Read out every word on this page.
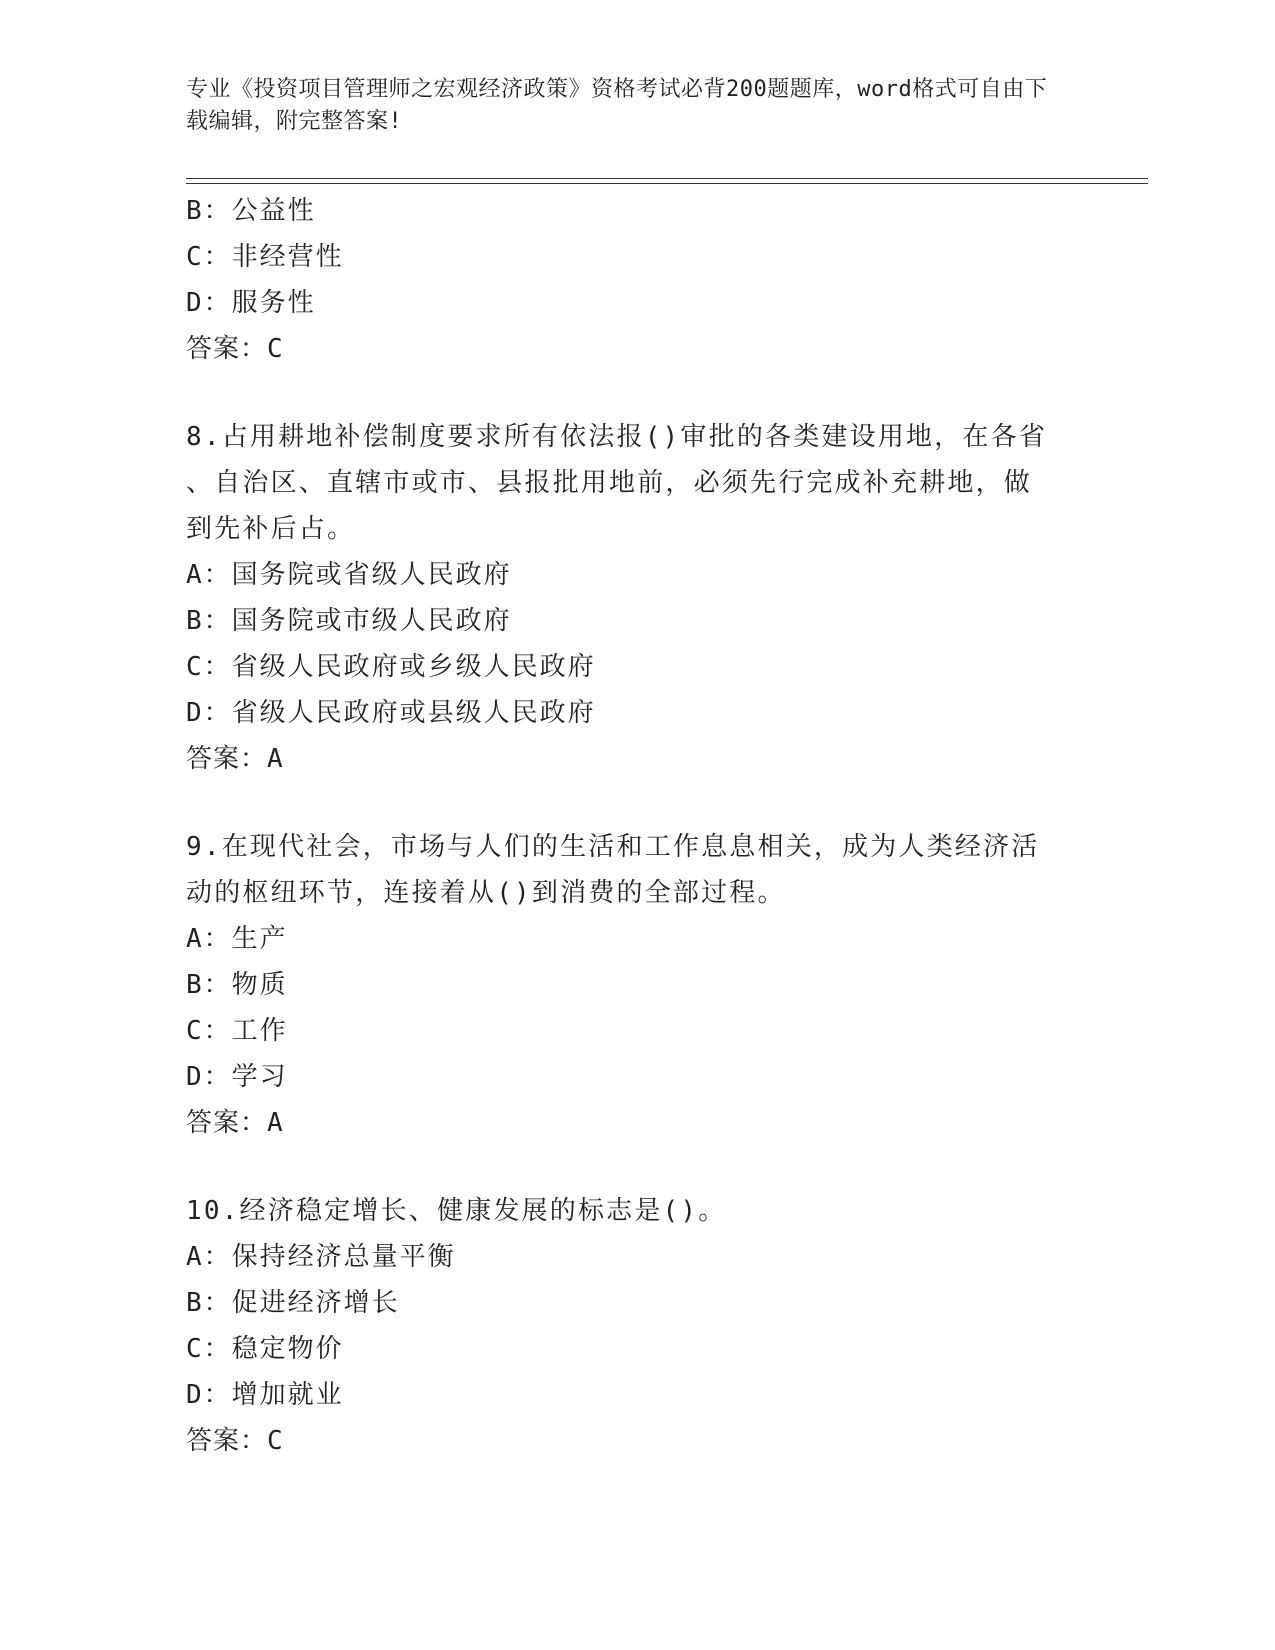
专业《投资项目管理师之宏观经济政策》资格考试必背200题题库，word格式可自由下载编辑，附完整答案!
B：公益性
C：非经营性
D：服务性
答案：C
8.占用耕地补偿制度要求所有依法报()审批的各类建设用地，在各省
、自治区、直辖市或市、县报批用地前，必须先行完成补充耕地，做
到先补后占。
A：国务院或省级人民政府
B：国务院或市级人民政府
C：省级人民政府或乡级人民政府
D：省级人民政府或县级人民政府
答案：A
9.在现代社会，市场与人们的生活和工作息息相关，成为人类经济活
动的枢纽环节，连接着从()到消费的全部过程。
A：生产
B：物质
C：工作
D：学习
答案：A
10.经济稳定增长、健康发展的标志是()。
A：保持经济总量平衡
B：促进经济增长
C：稳定物价
D：增加就业
答案：C
